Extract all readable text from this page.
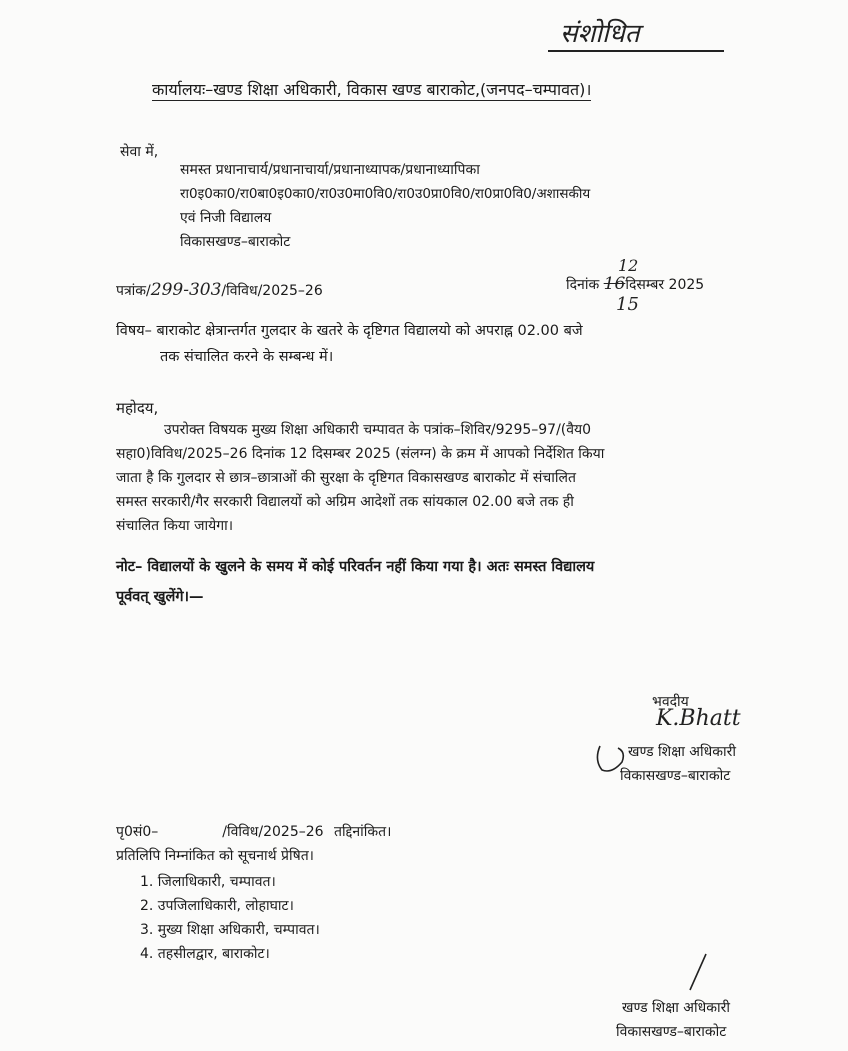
संशोधित
कार्यालयः–खण्ड शिक्षा अधिकारी, विकास खण्ड बाराकोट,(जनपद–चम्पावत)।
सेवा में,
समस्त प्रधानाचार्य/प्रधानाचार्या/प्रधानाध्यापक/प्रधानाध्यापिका
रा0इ0का0/रा0बा0इ0का0/रा0उ0मा0वि0/रा0उ0प्रा0वि0/रा0प्रा0वि0/अशासकीय
एवं निजी विद्यालय
विकासखण्ड–बाराकोट
पत्रांक/299-303/विविध/2025–26
12
दिनांक 16दिसम्बर 2025
15
विषय– बाराकोट क्षेत्रान्तर्गत गुलदार के खतरे के दृष्टिगत विद्यालयो को अपराह्न 02.00 बजे
तक संचालित करने के सम्बन्ध में।
महोदय,
उपरोक्त विषयक मुख्य शिक्षा अधिकारी चम्पावत के पत्रांक–शिविर/9295–97/(वैय0
सहा0)विविध/2025–26 दिनांक 12 दिसम्बर 2025 (संलग्न) के क्रम में आपको निर्देशित किया
जाता है कि गुलदार से छात्र–छात्राओं की सुरक्षा के दृष्टिगत विकासखण्ड बाराकोट में संचालित
समस्त सरकारी/गैर सरकारी विद्यालयों को अग्रिम आदेशों तक सांयकाल 02.00 बजे तक ही
संचालित किया जायेगा।
नोट– विद्यालयों के खुलने के समय में कोई परिवर्तन नहीं किया गया है। अतः समस्त विद्यालय
पूर्ववत् खुलेंगे।—
भवदीय
K.Bhatt
खण्ड शिक्षा अधिकारी
विकासखण्ड–बाराकोट
पृ0सं0–	/विविध/2025–26 तद्दिनांकित।
प्रतिलिपि निम्नांकित को सूचनार्थ प्रेषित।
1. जिलाधिकारी, चम्पावत।
2. उपजिलाधिकारी, लोहाघाट।
3. मुख्य शिक्षा अधिकारी, चम्पावत।
4. तहसीलद्वार, बाराकोट।
खण्ड शिक्षा अधिकारी
विकासखण्ड–बाराकोट
